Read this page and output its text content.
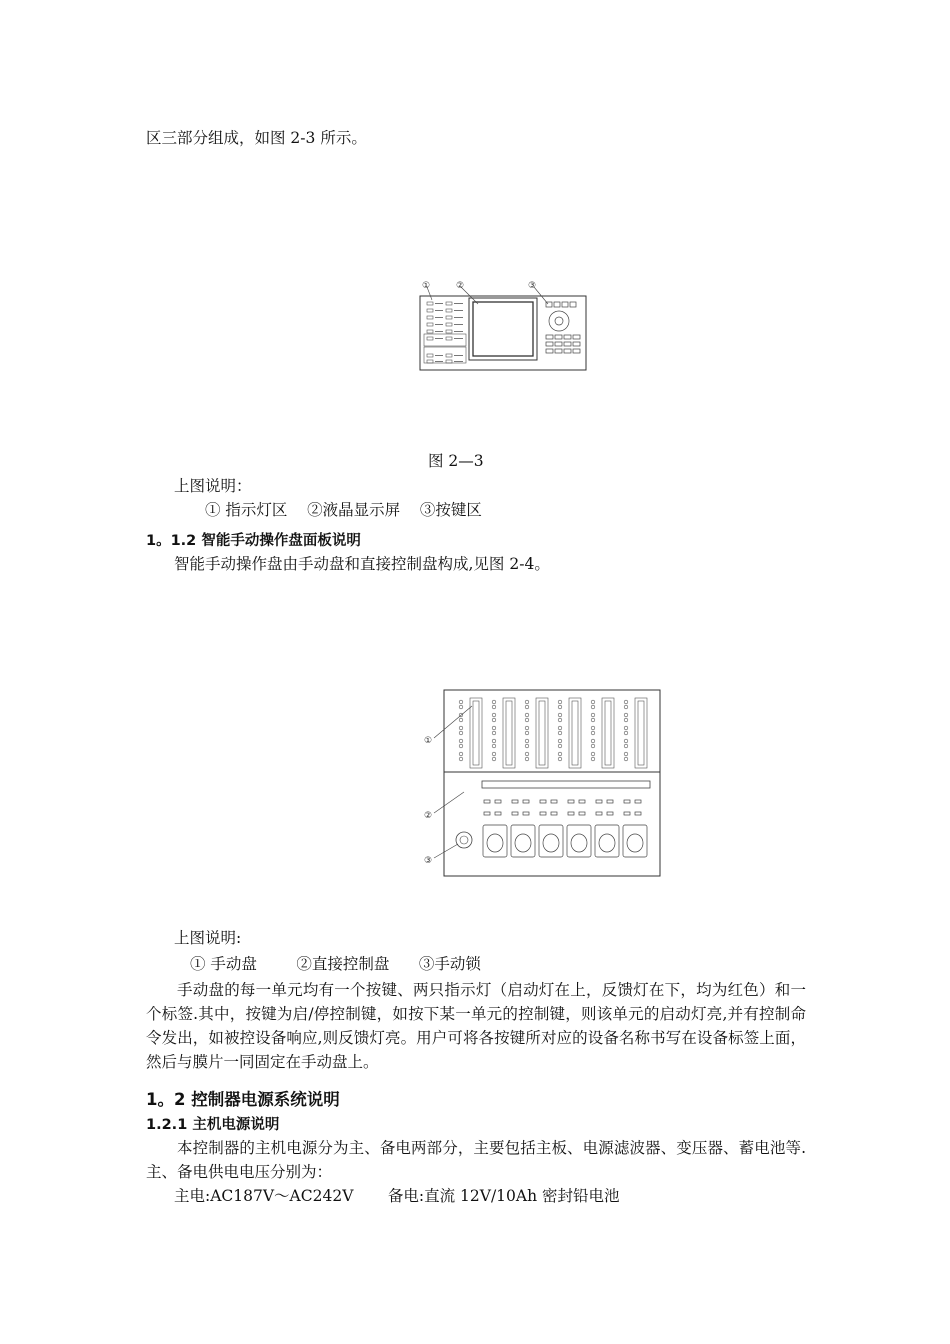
区三部分组成，如图 2-3 所示。
①	②	③
图 2—3
上图说明：
① 指示灯区    ②液晶显示屏    ③按键区
1。1.2 智能手动操作盘面板说明
智能手动操作盘由手动盘和直接控制盘构成,见图 2-4。
①
②
③
上图说明:
① 手动盘        ②直接控制盘      ③手动锁
手动盘的每一单元均有一个按键、两只指示灯（启动灯在上，反馈灯在下，均为红色）和一个标签.其中，按键为启/停控制键，如按下某一单元的控制键，则该单元的启动灯亮,并有控制命令发出，如被控设备响应,则反馈灯亮。用户可将各按键所对应的设备名称书写在设备标签上面，然后与膜片一同固定在手动盘上。
1。2 控制器电源系统说明
1.2.1 主机电源说明
本控制器的主机电源分为主、备电两部分，主要包括主板、电源滤波器、变压器、蓄电池等.主、备电供电电压分别为：
主电:AC187V～AC242V       备电:直流 12V/10Ah 密封铅电池
